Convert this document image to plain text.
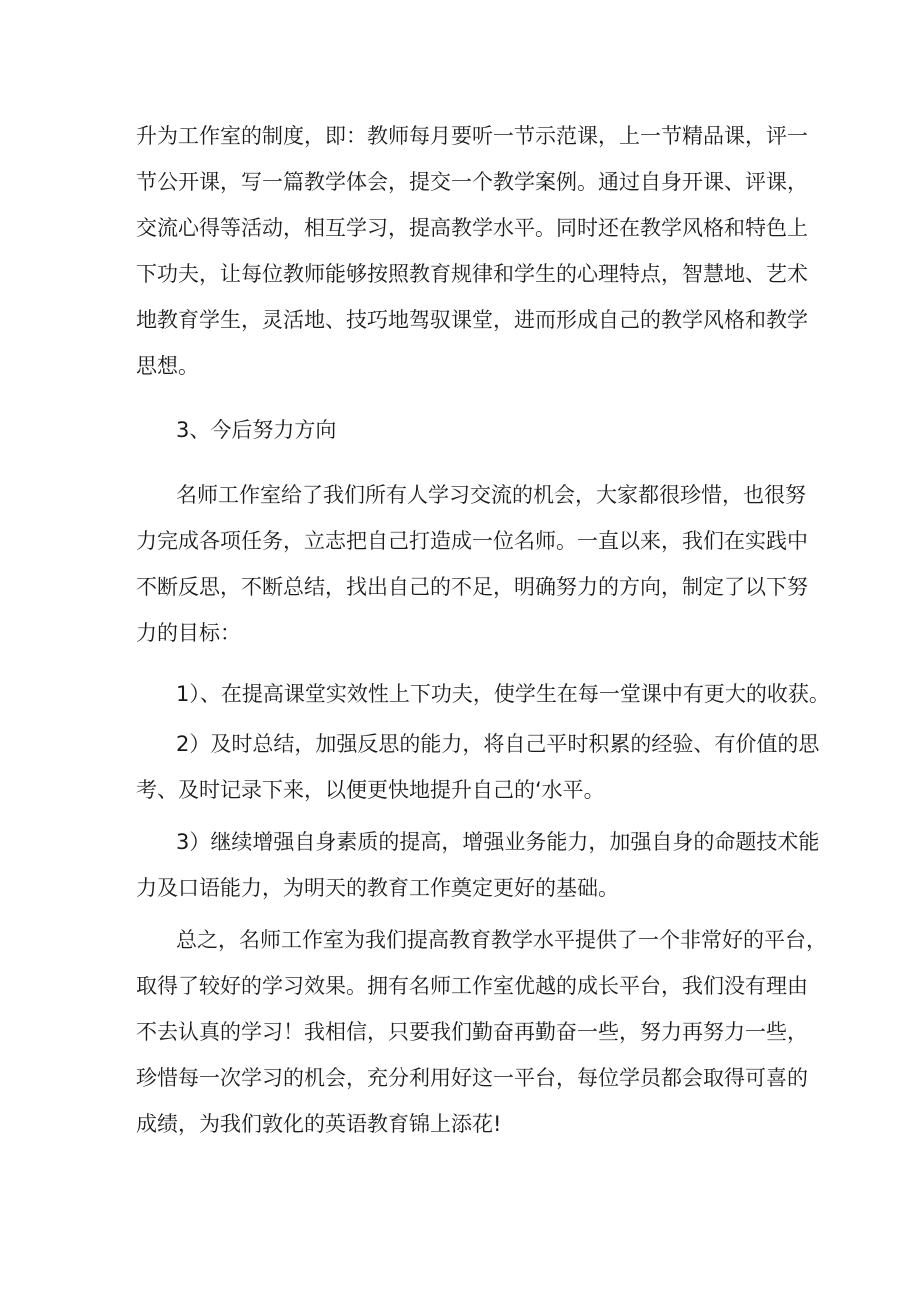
升为工作室的制度，即：教师每月要听一节示范课，上一节精品课，评一

节公开课，写一篇教学体会，提交一个教学案例。通过自身开课、评课，

交流心得等活动，相互学习，提高教学水平。同时还在教学风格和特色上

下功夫，让每位教师能够按照教育规律和学生的心理特点，智慧地、艺术

地教育学生，灵活地、技巧地驾驭课堂，进而形成自己的教学风格和教学

思想。

3、今后努力方向

名师工作室给了我们所有人学习交流的机会，大家都很珍惜，也很努

力完成各项任务，立志把自己打造成一位名师。一直以来，我们在实践中

不断反思，不断总结，找出自己的不足，明确努力的方向，制定了以下努

力的目标：

1）、在提高课堂实效性上下功夫，使学生在每一堂课中有更大的收获。

2）及时总结，加强反思的能力，将自己平时积累的经验、有价值的思

考、及时记录下来，以便更快地提升自己的‘水平。

3）继续增强自身素质的提高，增强业务能力，加强自身的命题技术能

力及口语能力，为明天的教育工作奠定更好的基础。

总之，名师工作室为我们提高教育教学水平提供了一个非常好的平台，

取得了较好的学习效果。拥有名师工作室优越的成长平台，我们没有理由

不去认真的学习！我相信，只要我们勤奋再勤奋一些，努力再努力一些，

珍惜每一次学习的机会，充分利用好这一平台，每位学员都会取得可喜的

成绩，为我们敦化的英语教育锦上添花!
